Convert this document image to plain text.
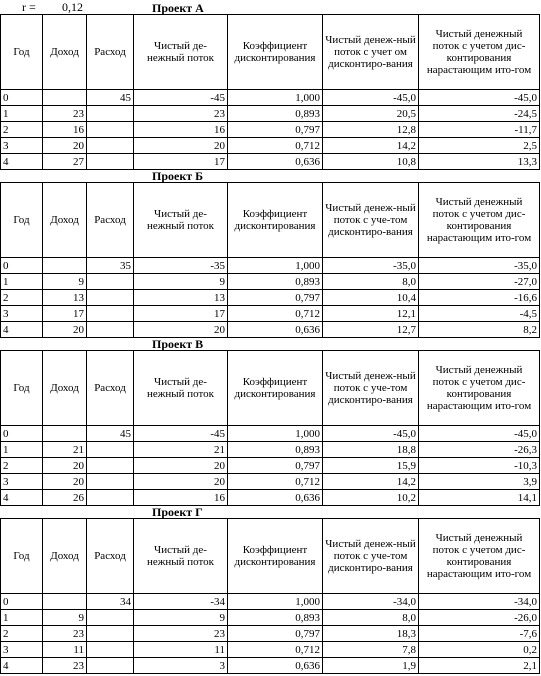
r = 0,12	Проект А
Год	Доход	Расход	Чистый де-нежный поток	Коэффициент дисконтирования	Чистый денеж-ный поток с учет ом дисконтиро-вания	Чистый денежный поток с учетом дис-контирования нарастающим ито-гом
0		45	-45	1,000	-45,0	-45,0
1	23		23	0,893	20,5	-24,5
2	16		16	0,797	12,8	-11,7
3	20		20	0,712	14,2	2,5
4	27		17	0,636	10,8	13,3
Проект Б
Год	Доход	Расход	Чистый де-нежный поток	Коэффициент дисконтирования	Чистый денеж-ный поток с уче-том дисконтиро-вания	Чистый денежный поток с учетом дис-контирования нарастающим ито-гом
0		35	-35	1,000	-35,0	-35,0
1	9		9	0,893	8,0	-27,0
2	13		13	0,797	10,4	-16,6
3	17		17	0,712	12,1	-4,5
4	20		20	0,636	12,7	8,2
Проект В
Год	Доход	Расход	Чистый де-нежный поток	Коэффициент дисконтирования	Чистый денеж-ный поток с уче-том дисконтиро-вания	Чистый денежный поток с учетом дис-контирования нарастающим ито-гом
0		45	-45	1,000	-45,0	-45,0
1	21		21	0,893	18,8	-26,3
2	20		20	0,797	15,9	-10,3
3	20		20	0,712	14,2	3,9
4	26		16	0,636	10,2	14,1
Проект Г
Год	Доход	Расход	Чистый де-нежный поток	Коэффициент дисконтирования	Чистый денеж-ный поток с уче-том дисконтиро-вания	Чистый денежный поток с учетом дис-контирования нарастающим ито-гом
0		34	-34	1,000	-34,0	-34,0
1	9		9	0,893	8,0	-26,0
2	23		23	0,797	18,3	-7,6
3	11		11	0,712	7,8	0,2
4	23		3	0,636	1,9	2,1
